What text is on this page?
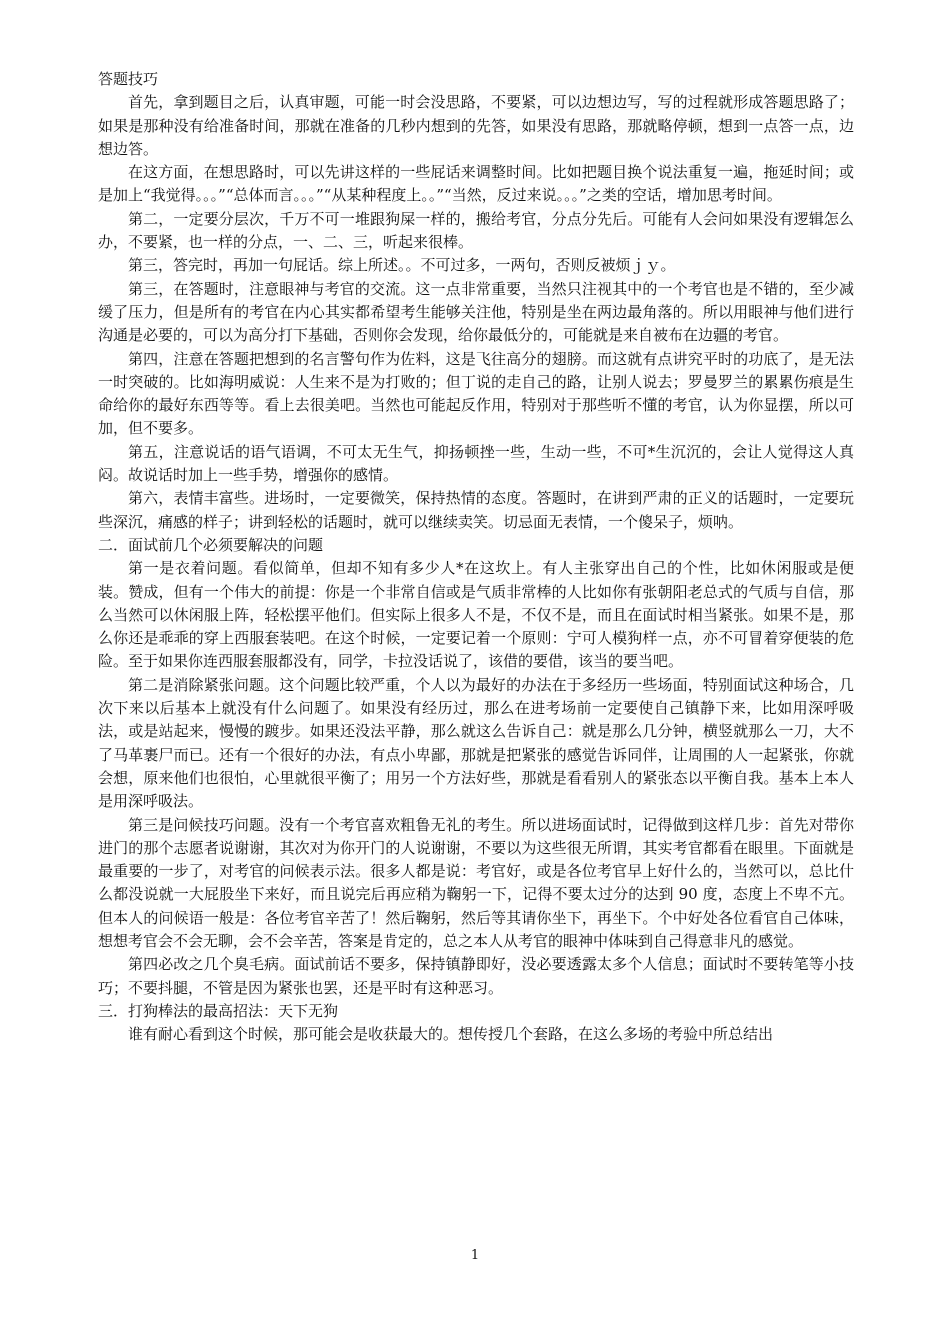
答题技巧

首先，拿到题目之后，认真审题，可能一时会没思路，不要紧，可以边想边写，写的过程就形成答题思路了；如果是那种没有给准备时间，那就在准备的几秒内想到的先答，如果没有思路，那就略停顿，想到一点答一点，边想边答。

在这方面，在想思路时，可以先讲这样的一些屁话来调整时间。比如把题目换个说法重复一遍，拖延时间；或是加上“我觉得。。。”“总体而言。。。”“从某种程度上。。”“当然，反过来说。。。”之类的空话，增加思考时间。

第二，一定要分层次，千万不可一堆跟狗屎一样的，搬给考官，分点分先后。可能有人会问如果没有逻辑怎么办，不要紧，也一样的分点，一、二、三，听起来很棒。

第三，答完时，再加一句屁话。综上所述。。不可过多，一两句，否则反被烦ｊｙ。

第三，在答题时，注意眼神与考官的交流。这一点非常重要，当然只注视其中的一个考官也是不错的，至少减缓了压力，但是所有的考官在内心其实都希望考生能够关注他，特别是坐在两边最角落的。所以用眼神与他们进行沟通是必要的，可以为高分打下基础，否则你会发现，给你最低分的，可能就是来自被布在边疆的考官。

第四，注意在答题把想到的名言警句作为佐料，这是飞往高分的翅膀。而这就有点讲究平时的功底了，是无法一时突破的。比如海明威说：人生来不是为打败的；但丁说的走自己的路，让别人说去；罗曼罗兰的累累伤痕是生命给你的最好东西等等。看上去很美吧。当然也可能起反作用，特别对于那些听不懂的考官，认为你显摆，所以可加，但不要多。

第五，注意说话的语气语调，不可太无生气，抑扬顿挫一些，生动一些，不可*生沉沉的，会让人觉得这人真闷。故说话时加上一些手势，增强你的感情。

第六，表情丰富些。进场时，一定要微笑，保持热情的态度。答题时，在讲到严肃的正义的话题时，一定要玩些深沉，痛感的样子；讲到轻松的话题时，就可以继续卖笑。切忌面无表情，一个傻呆子，烦呐。

二．面试前几个必须要解决的问题

第一是衣着问题。看似简单，但却不知有多少人*在这坎上。有人主张穿出自己的个性，比如休闲服或是便装。赞成，但有一个伟大的前提：你是一个非常自信或是气质非常棒的人比如你有张朝阳老总式的气质与自信，那么当然可以休闲服上阵，轻松摆平他们。但实际上很多人不是，不仅不是，而且在面试时相当紧张。如果不是，那么你还是乖乖的穿上西服套装吧。在这个时候，一定要记着一个原则：宁可人模狗样一点，亦不可冒着穿便装的危险。至于如果你连西服套服都没有，同学，卡拉没话说了，该借的要借，该当的要当吧。

第二是消除紧张问题。这个问题比较严重，个人以为最好的办法在于多经历一些场面，特别面试这种场合，几次下来以后基本上就没有什么问题了。如果没有经历过，那么在进考场前一定要使自己镇静下来，比如用深呼吸法，或是站起来，慢慢的踱步。如果还没法平静，那么就这么告诉自己：就是那么几分钟，横竖就那么一刀，大不了马革裹尸而已。还有一个很好的办法，有点小卑鄙，那就是把紧张的感觉告诉同伴，让周围的人一起紧张，你就会想，原来他们也很怕，心里就很平衡了；用另一个方法好些，那就是看看别人的紧张态以平衡自我。基本上本人是用深呼吸法。

第三是问候技巧问题。没有一个考官喜欢粗鲁无礼的考生。所以进场面试时，记得做到这样几步：首先对带你进门的那个志愿者说谢谢，其次对为你开门的人说谢谢，不要以为这些很无所谓，其实考官都看在眼里。下面就是最重要的一步了，对考官的问候表示法。很多人都是说：考官好，或是各位考官早上好什么的，当然可以，总比什么都没说就一大屁股坐下来好，而且说完后再应稍为鞠躬一下，记得不要太过分的达到 90 度，态度上不卑不亢。但本人的问候语一般是：各位考官辛苦了！然后鞠躬，然后等其请你坐下，再坐下。个中好处各位看官自己体味，想想考官会不会无聊，会不会辛苦，答案是肯定的，总之本人从考官的眼神中体味到自己得意非凡的感觉。

第四必改之几个臭毛病。面试前话不要多，保持镇静即好，没必要透露太多个人信息；面试时不要转笔等小技巧；不要抖腿，不管是因为紧张也罢，还是平时有这种恶习。

三．打狗棒法的最高招法：天下无狗

谁有耐心看到这个时候，那可能会是收获最大的。想传授几个套路，在这么多场的考验中所总结出

1
